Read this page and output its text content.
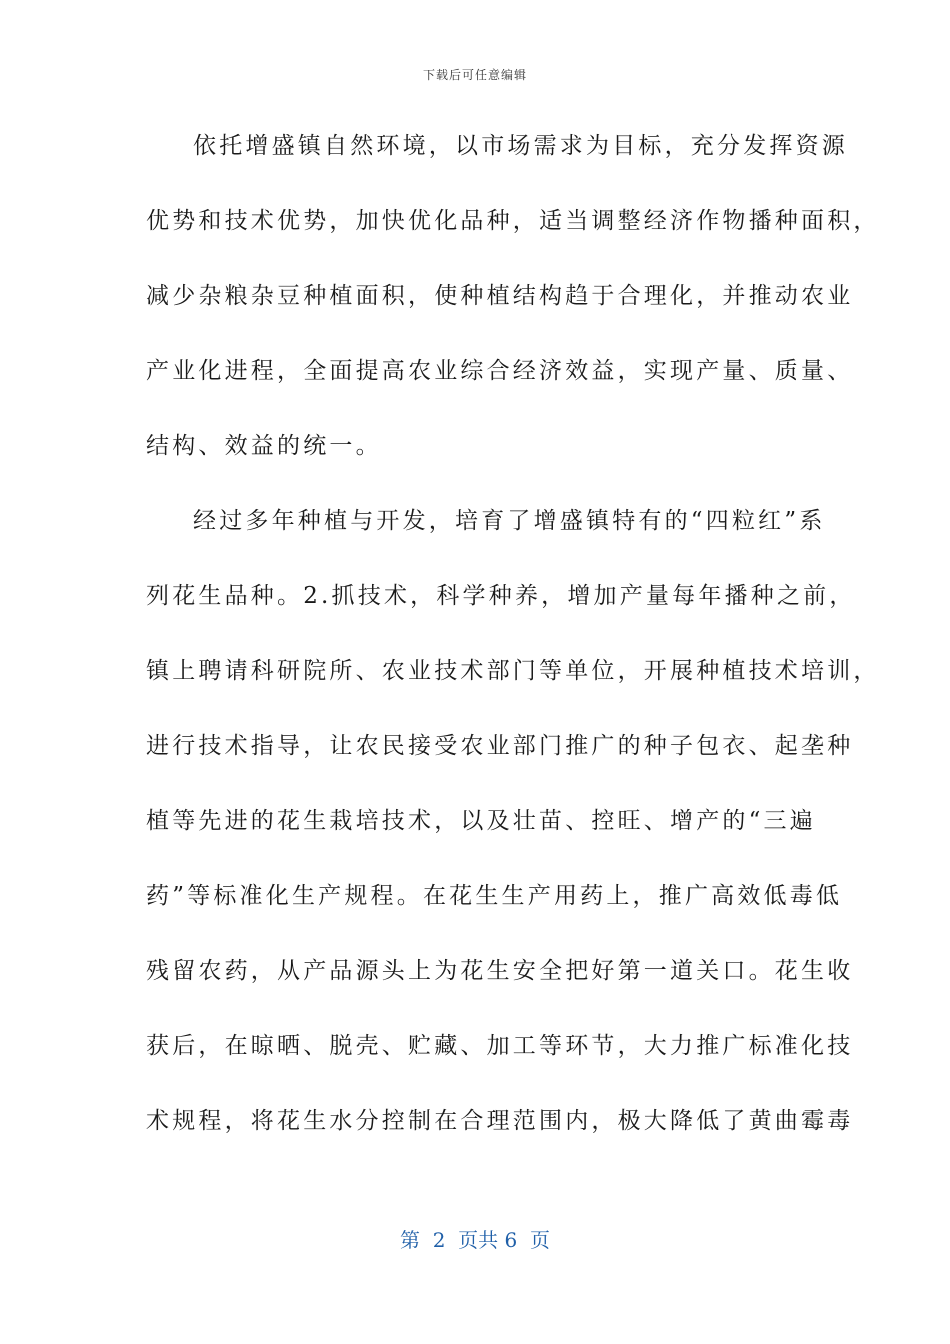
下载后可任意编辑
依托增盛镇自然环境，以市场需求为目标，充分发挥资源
优势和技术优势，加快优化品种，适当调整经济作物播种面积，
减少杂粮杂豆种植面积，使种植结构趋于合理化，并推动农业
产业化进程，全面提高农业综合经济效益，实现产量、质量、
结构、效益的统一。
经过多年种植与开发，培育了增盛镇特有的“四粒红”系
列花生品种。2.抓技术，科学种养，增加产量每年播种之前，
镇上聘请科研院所、农业技术部门等单位，开展种植技术培训，
进行技术指导，让农民接受农业部门推广的种子包衣、起垄种
植等先进的花生栽培技术，以及壮苗、控旺、增产的“三遍
药”等标准化生产规程。在花生生产用药上，推广高效低毒低
残留农药，从产品源头上为花生安全把好第一道关口。花生收
获后，在晾晒、脱壳、贮藏、加工等环节，大力推广标准化技
术规程，将花生水分控制在合理范围内，极大降低了黄曲霉毒
第  2  页共 6  页
